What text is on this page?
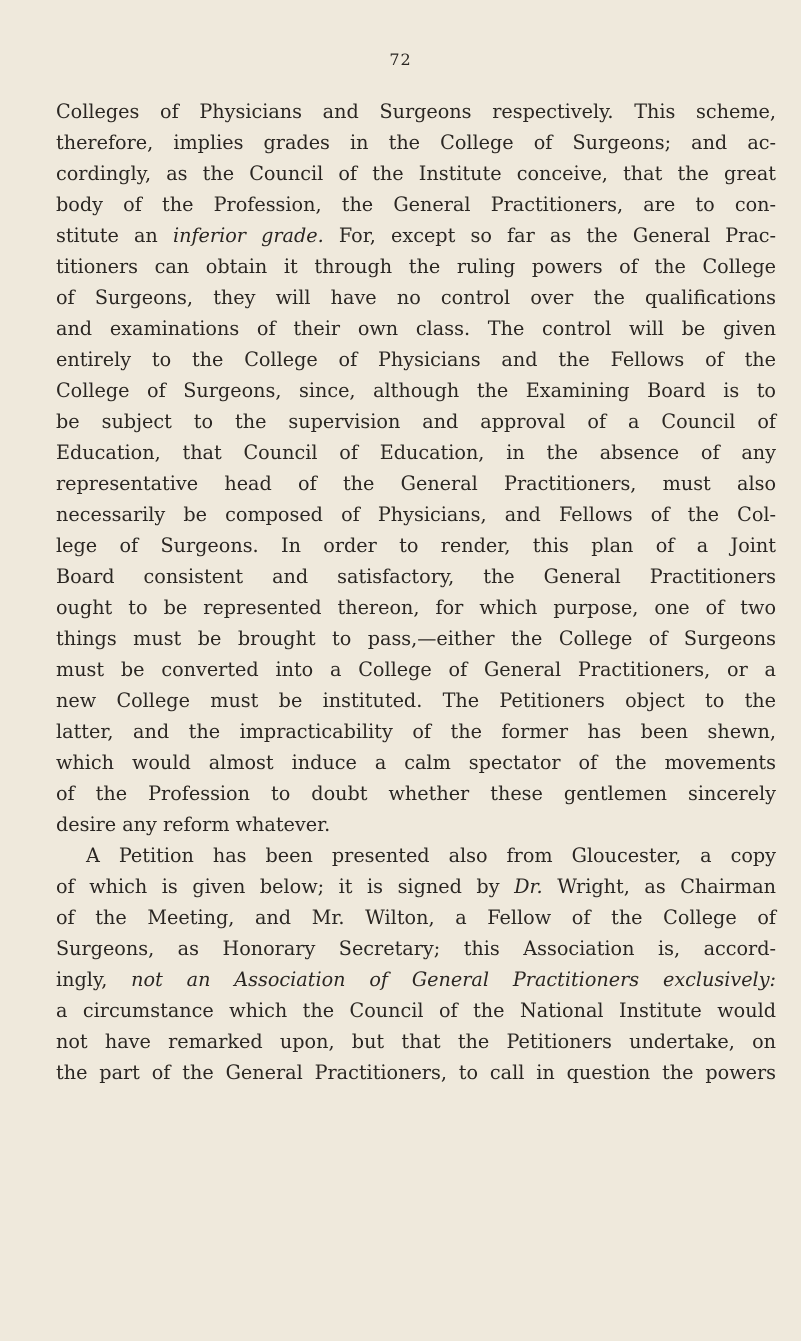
72
Colleges of Physicians and Surgeons respectively. This scheme,
therefore, implies grades in the College of Surgeons; and ac-
cordingly, as the Council of the Institute conceive, that the great
body of the Profession, the General Practitioners, are to con-
stitute an inferior grade. For, except so far as the General Prac-
titioners can obtain it through the ruling powers of the College
of Surgeons, they will have no control over the qualifications
and examinations of their own class. The control will be given
entirely to the College of Physicians and the Fellows of the
College of Surgeons, since, although the Examining Board is to
be subject to the supervision and approval of a Council of
Education, that Council of Education, in the absence of any
representative head of the General Practitioners, must also
necessarily be composed of Physicians, and Fellows of the Col-
lege of Surgeons. In order to render, this plan of a Joint
Board consistent and satisfactory, the General Practitioners
ought to be represented thereon, for which purpose, one of two
things must be brought to pass,—either the College of Surgeons
must be converted into a College of General Practitioners, or a
new College must be instituted. The Petitioners object to the
latter, and the impracticability of the former has been shewn,
which would almost induce a calm spectator of the movements
of the Profession to doubt whether these gentlemen sincerely
desire any reform whatever.
A Petition has been presented also from Gloucester, a copy
of which is given below; it is signed by Dr. Wright, as Chairman
of the Meeting, and Mr. Wilton, a Fellow of the College of
Surgeons, as Honorary Secretary; this Association is, accord-
ingly, not an Association of General Practitioners exclusively:
a circumstance which the Council of the National Institute would
not have remarked upon, but that the Petitioners undertake, on
the part of the General Practitioners, to call in question the powers
